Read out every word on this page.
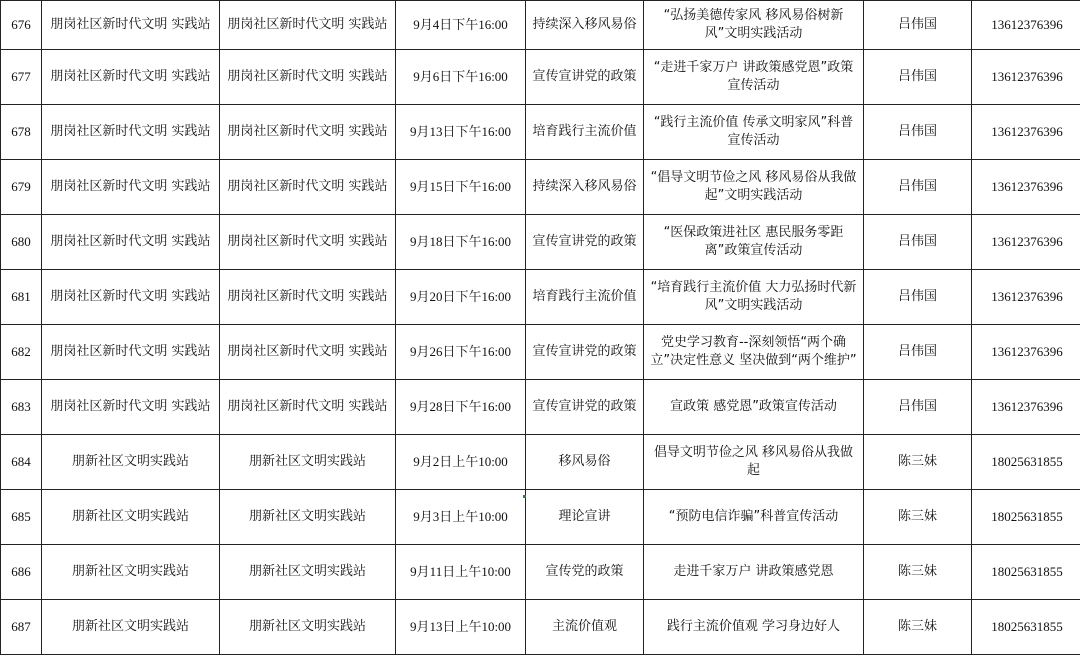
676	朋岗社区新时代文明 实践站	朋岗社区新时代文明 实践站	9月4日下午16:00	持续深入移风易俗	“弘扬美德传家风 移风易俗树新风”文明实践活动	吕伟国	13612376396
677	朋岗社区新时代文明 实践站	朋岗社区新时代文明 实践站	9月6日下午16:00	宣传宣讲党的政策	“走进千家万户 讲政策感党恩”政策宣传活动	吕伟国	13612376396
678	朋岗社区新时代文明 实践站	朋岗社区新时代文明 实践站	9月13日下午16:00	培育践行主流价值	“践行主流价值 传承文明家风”科普宣传活动	吕伟国	13612376396
679	朋岗社区新时代文明 实践站	朋岗社区新时代文明 实践站	9月15日下午16:00	持续深入移风易俗	“倡导文明节俭之风 移风易俗从我做起”文明实践活动	吕伟国	13612376396
680	朋岗社区新时代文明 实践站	朋岗社区新时代文明 实践站	9月18日下午16:00	宣传宣讲党的政策	“医保政策进社区 惠民服务零距离”政策宣传活动	吕伟国	13612376396
681	朋岗社区新时代文明 实践站	朋岗社区新时代文明 实践站	9月20日下午16:00	培育践行主流价值	“培育践行主流价值 大力弘扬时代新风”文明实践活动	吕伟国	13612376396
682	朋岗社区新时代文明 实践站	朋岗社区新时代文明 实践站	9月26日下午16:00	宣传宣讲党的政策	党史学习教育--深刻领悟“两个确立”决定性意义 坚决做到“两个维护”	吕伟国	13612376396
683	朋岗社区新时代文明 实践站	朋岗社区新时代文明 实践站	9月28日下午16:00	宣传宣讲党的政策	宣政策 感党恩”政策宣传活动	吕伟国	13612376396
684	朋新社区文明实践站	朋新社区文明实践站	9月2日上午10:00	移风易俗	倡导文明节俭之风 移风易俗从我做起	陈三妹	18025631855
685	朋新社区文明实践站	朋新社区文明实践站	9月3日上午10:00	理论宣讲	“预防电信诈骗”科普宣传活动	陈三妹	18025631855
686	朋新社区文明实践站	朋新社区文明实践站	9月11日上午10:00	宣传党的政策	走进千家万户 讲政策感党恩	陈三妹	18025631855
687	朋新社区文明实践站	朋新社区文明实践站	9月13日上午10:00	主流价值观	践行主流价值观 学习身边好人	陈三妹	18025631855
